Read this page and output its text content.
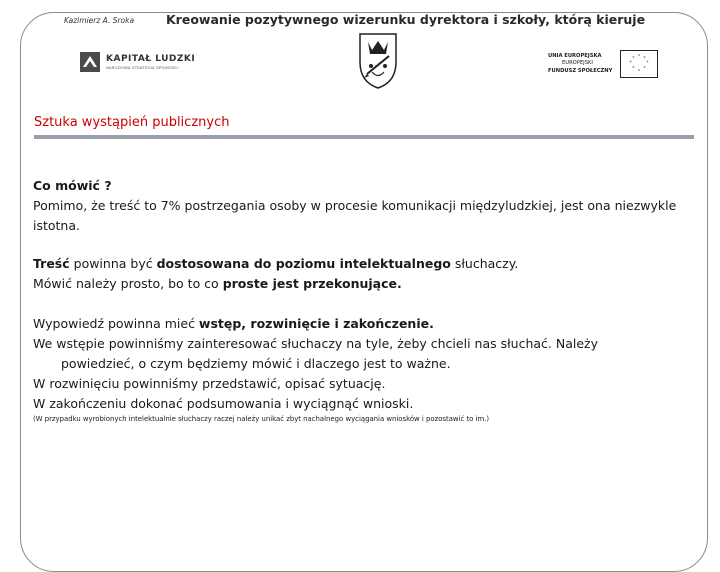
Kazimierz A. Sroka	Kreowanie pozytywnego wizerunku dyrektora i szkoły, którą kieruje
KAPITAŁ LUDZKI
NARODOWA STRATEGIA SPÓJNOŚCI
UNIA EUROPEJSKA
EUROPEJSKI
FUNDUSZ SPOŁECZNY
* *
*
*
*
*
*
*
Sztuka wystąpień publicznych

Co mówić ?

Pomimo, że treść to 7% postrzegania osoby w procesie komunikacji międzyludzkiej, jest ona niezwykle istotna.

Treść powinna być dostosowana do poziomu intelektualnego słuchaczy.

Mówić należy prosto, bo to co proste jest przekonujące.

Wypowiedź powinna mieć wstęp, rozwinięcie i zakończenie.

We wstępie powinniśmy zainteresować słuchaczy na tyle, żeby chcieli nas słuchać. Należy

powiedzieć, o czym będziemy mówić i dlaczego jest to ważne.

W rozwinięciu powinniśmy przedstawić, opisać sytuację.

W zakończeniu dokonać podsumowania i wyciągnąć wnioski.

(W przypadku wyrobionych intelektualnie słuchaczy raczej należy unikać zbyt nachalnego wyciągania wniosków i pozostawić to im.)
